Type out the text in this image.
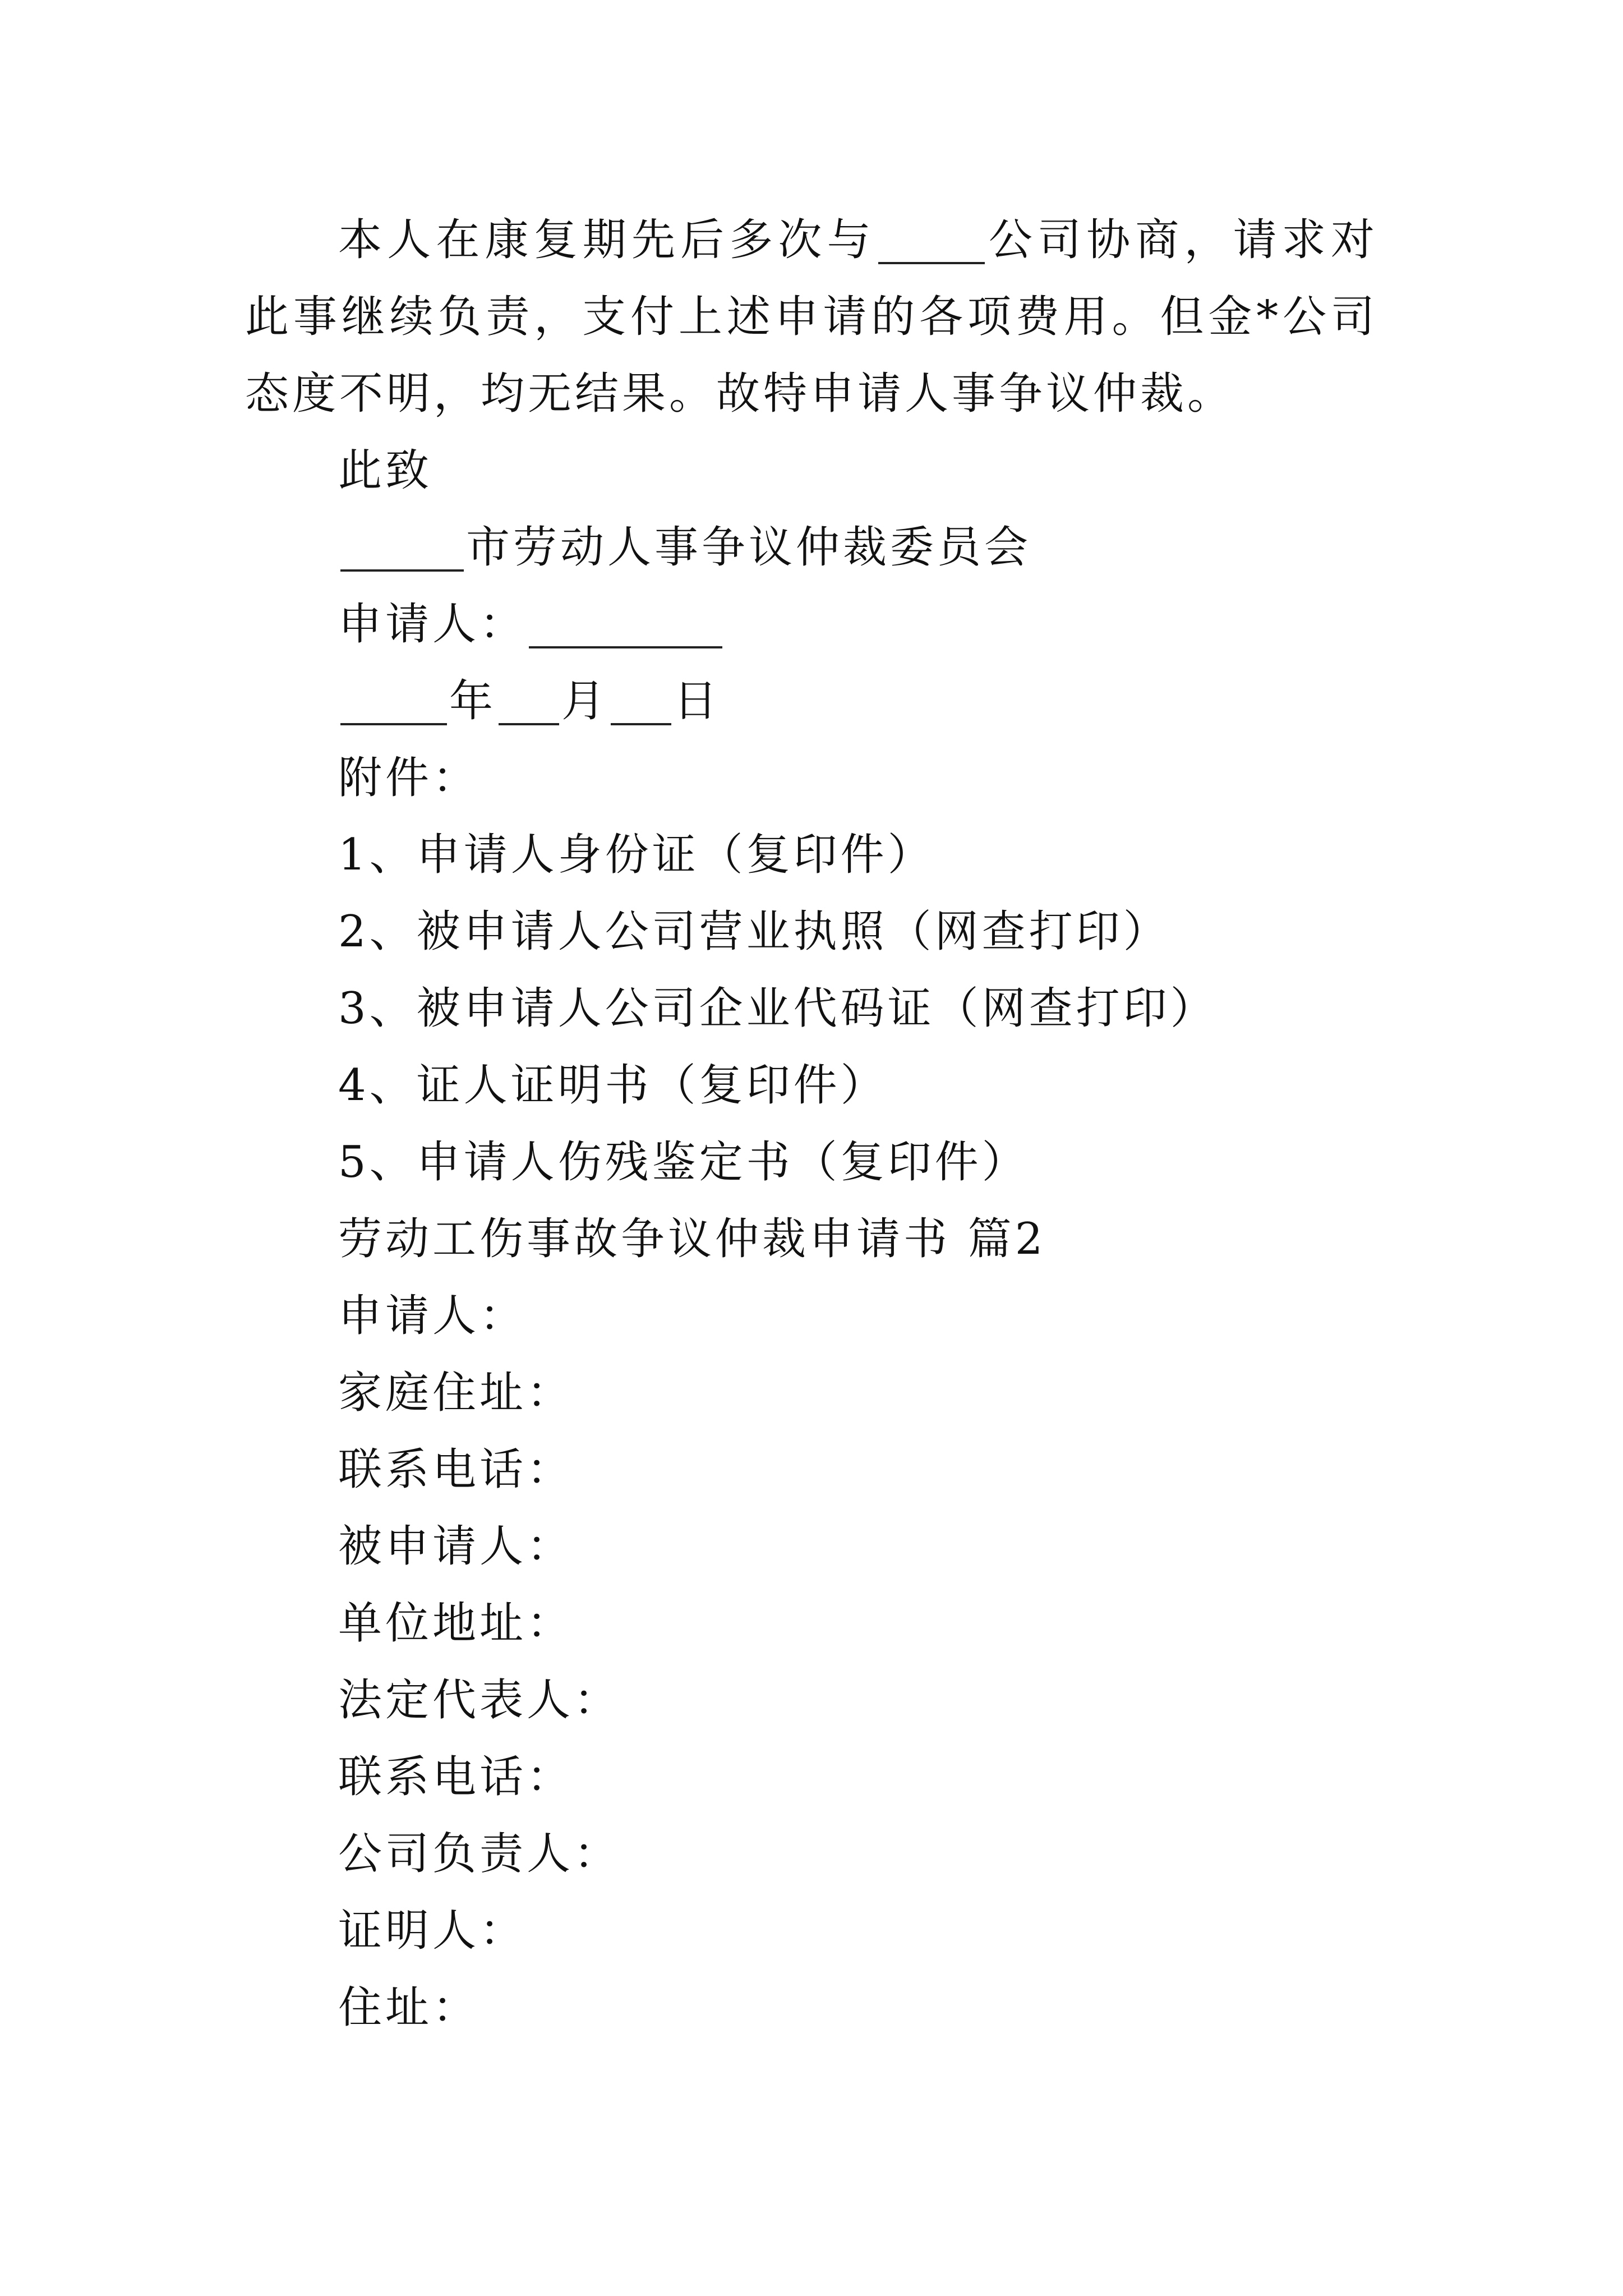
本人在康复期先后多次与	公司协商，请求对此事继续负责，支付上述申请的各项费用。但金*公司态度不明，均无结果。故特申请人事争议仲裁。

此致

市劳动人事争议仲裁委员会

申请人：

年 月 日

附件：

1、申请人身份证（复印件）

2、被申请人公司营业执照（网查打印）

3、被申请人公司企业代码证（网查打印）

4、证人证明书（复印件）

5、申请人伤残鉴定书（复印件）

劳动工伤事故争议仲裁申请书 篇2

申请人：

家庭住址：

联系电话：

被申请人：

单位地址：

法定代表人：

联系电话：

公司负责人：

证明人：

住址：
